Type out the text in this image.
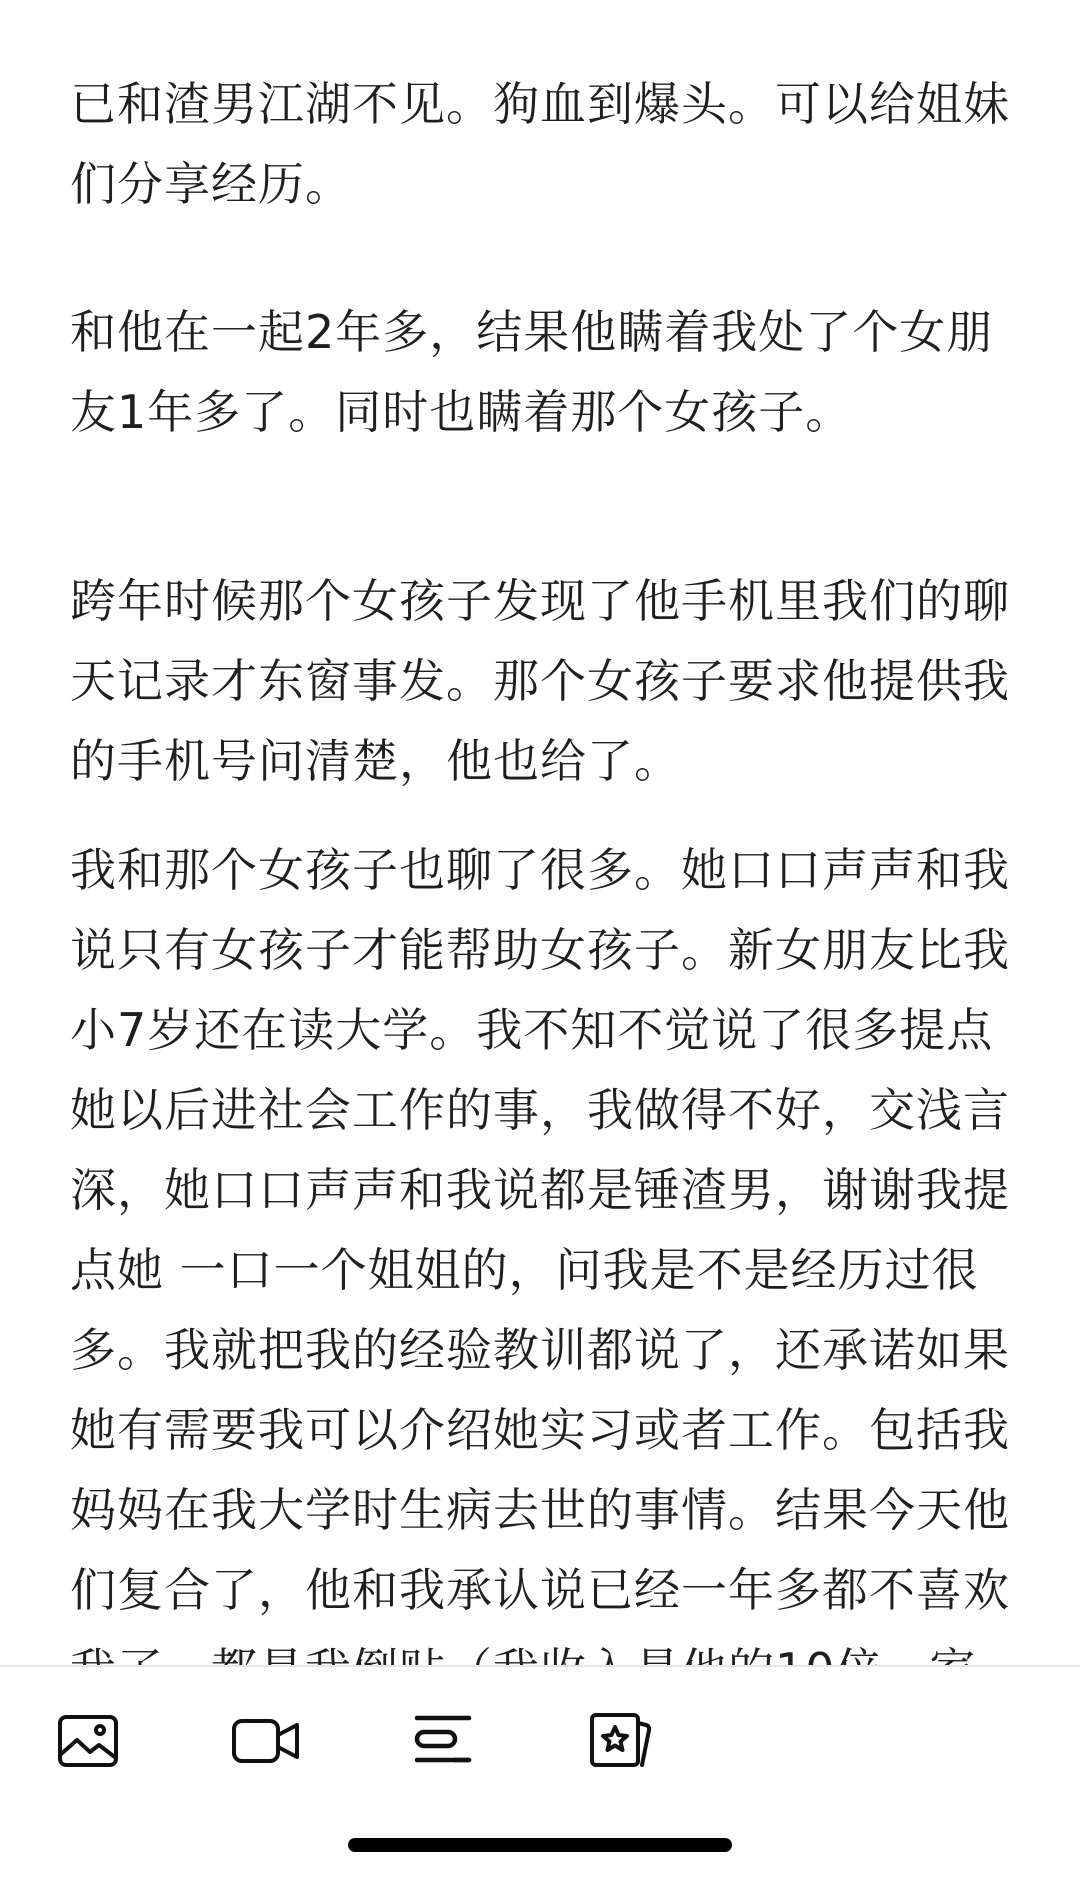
已和渣男江湖不见。狗血到爆头。可以给姐妹
们分享经历。

和他在一起2年多，结果他瞒着我处了个女朋
友1年多了。同时也瞒着那个女孩子。

跨年时候那个女孩子发现了他手机里我们的聊
天记录才东窗事发。那个女孩子要求他提供我
的手机号问清楚，他也给了。

我和那个女孩子也聊了很多。她口口声声和我
说只有女孩子才能帮助女孩子。新女朋友比我
小7岁还在读大学。我不知不觉说了很多提点
她以后进社会工作的事，我做得不好，交浅言
深，她口口声声和我说都是锤渣男，谢谢我提
点她 一口一个姐姐的，问我是不是经历过很
多。我就把我的经验教训都说了，还承诺如果
她有需要我可以介绍她实习或者工作。包括我
妈妈在我大学时生病去世的事情。结果今天他
们复合了，他和我承认说已经一年多都不喜欢
